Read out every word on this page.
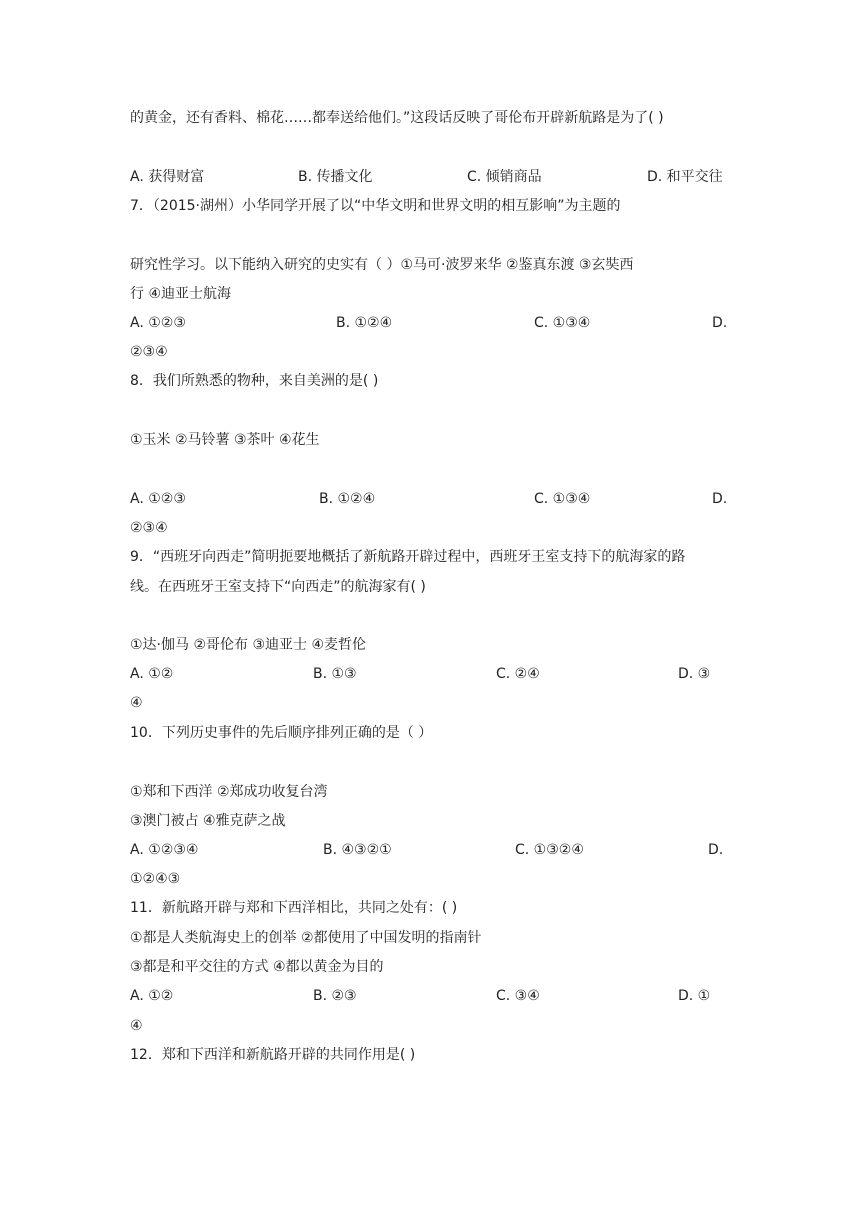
的黄金，还有香料、棉花……都奉送给他们。”这段话反映了哥伦布开辟新航路是为了( )
A. 获得财富	B. 传播文化	C. 倾销商品	D. 和平交往
7．（2015·湖州）小华同学开展了以“中华文明和世界文明的相互影响”为主题的
研究性学习。以下能纳入研究的史实有（ ）①马可·波罗来华 ②鉴真东渡 ③玄奘西
行 ④迪亚士航海
A. ①②③	B. ①②④	C. ①③④	D.
②③④
8．我们所熟悉的物种，来自美洲的是( )
①玉米 ②马铃薯 ③茶叶 ④花生
A. ①②③	B. ①②④	C. ①③④	D.
②③④
9．“西班牙向西走”简明扼要地概括了新航路开辟过程中，西班牙王室支持下的航海家的路
线。在西班牙王室支持下“向西走”的航海家有( )
①达·伽马 ②哥伦布 ③迪亚士 ④麦哲伦
A. ①②	B. ①③	C. ②④	D. ③
④
10．下列历史事件的先后顺序排列正确的是（ ）
①郑和下西洋 ②郑成功收复台湾
③澳门被占 ④雅克萨之战
A. ①②③④	B. ④③②①	C. ①③②④	D.
①②④③
11．新航路开辟与郑和下西洋相比，共同之处有：( )
①都是人类航海史上的创举 ②都使用了中国发明的指南针
③都是和平交往的方式 ④都以黄金为目的
A. ①②	B. ②③	C. ③④	D. ①
④
12．郑和下西洋和新航路开辟的共同作用是( )
